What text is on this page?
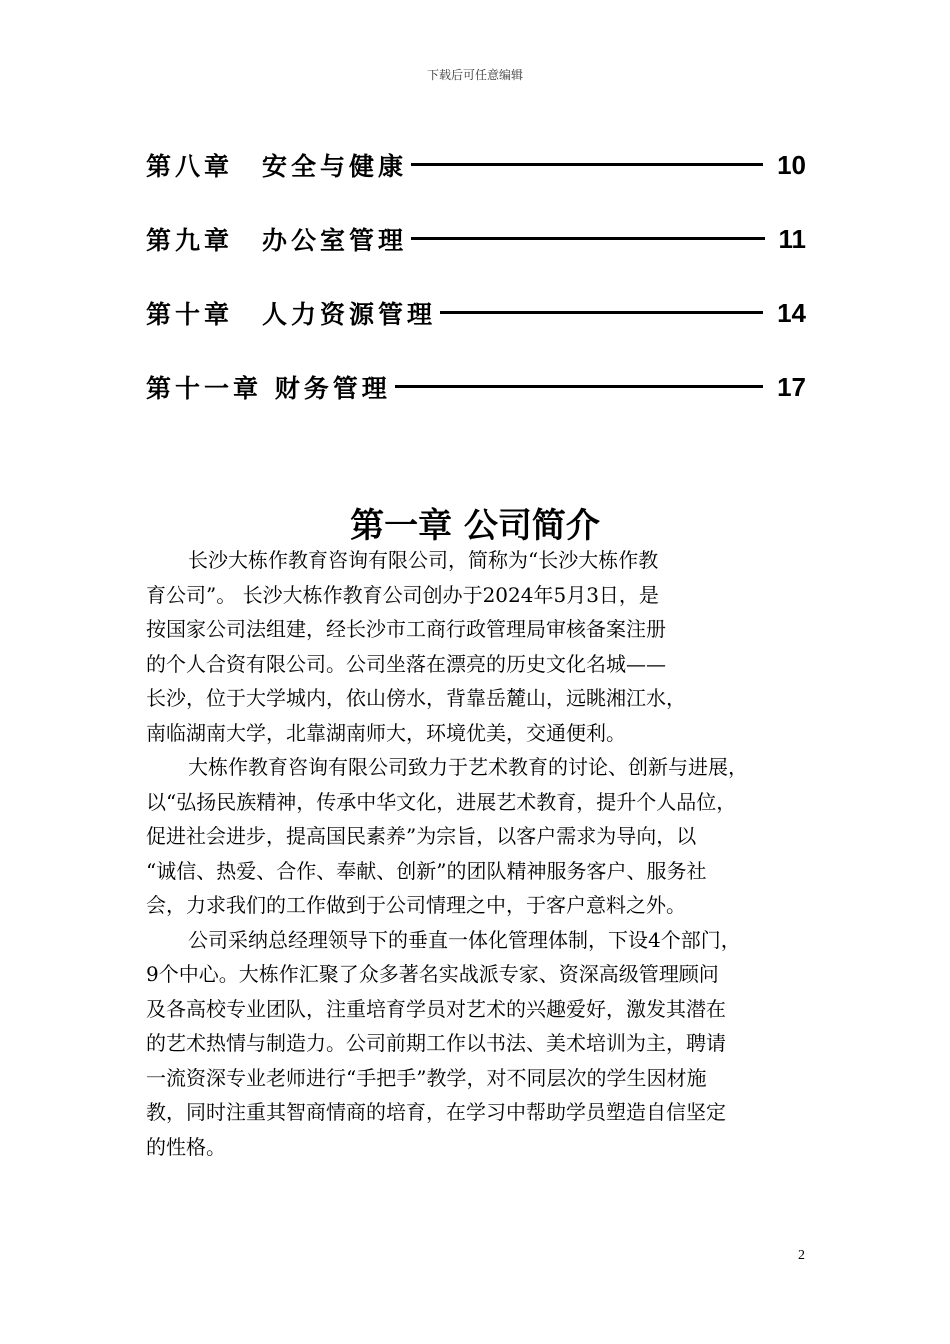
下载后可任意编辑
第八章　安全与健康	10
第九章　办公室管理	11
第十章　人力资源管理	14
第十一章 财务管理	17
第一章 公司简介
长沙大栋作教育咨询有限公司，简称为“长沙大栋作教
育公司”。 长沙大栋作教育公司创办于2024年5月3日，是
按国家公司法组建，经长沙市工商行政管理局审核备案注册
的个人合资有限公司。公司坐落在漂亮的历史文化名城——
长沙，位于大学城内，依山傍水，背靠岳麓山，远眺湘江水，
南临湖南大学，北靠湖南师大，环境优美，交通便利。
大栋作教育咨询有限公司致力于艺术教育的讨论、创新与进展，
以“弘扬民族精神，传承中华文化，进展艺术教育，提升个人品位，
促进社会进步，提高国民素养”为宗旨，以客户需求为导向，以
“诚信、热爱、合作、奉献、创新”的团队精神服务客户、服务社
会，力求我们的工作做到于公司情理之中，于客户意料之外。
公司采纳总经理领导下的垂直一体化管理体制，下设4个部门，
9个中心。大栋作汇聚了众多著名实战派专家、资深高级管理顾问
及各高校专业团队，注重培育学员对艺术的兴趣爱好，激发其潜在
的艺术热情与制造力。公司前期工作以书法、美术培训为主，聘请
一流资深专业老师进行“手把手”教学，对不同层次的学生因材施
教，同时注重其智商情商的培育，在学习中帮助学员塑造自信坚定
的性格。
2
